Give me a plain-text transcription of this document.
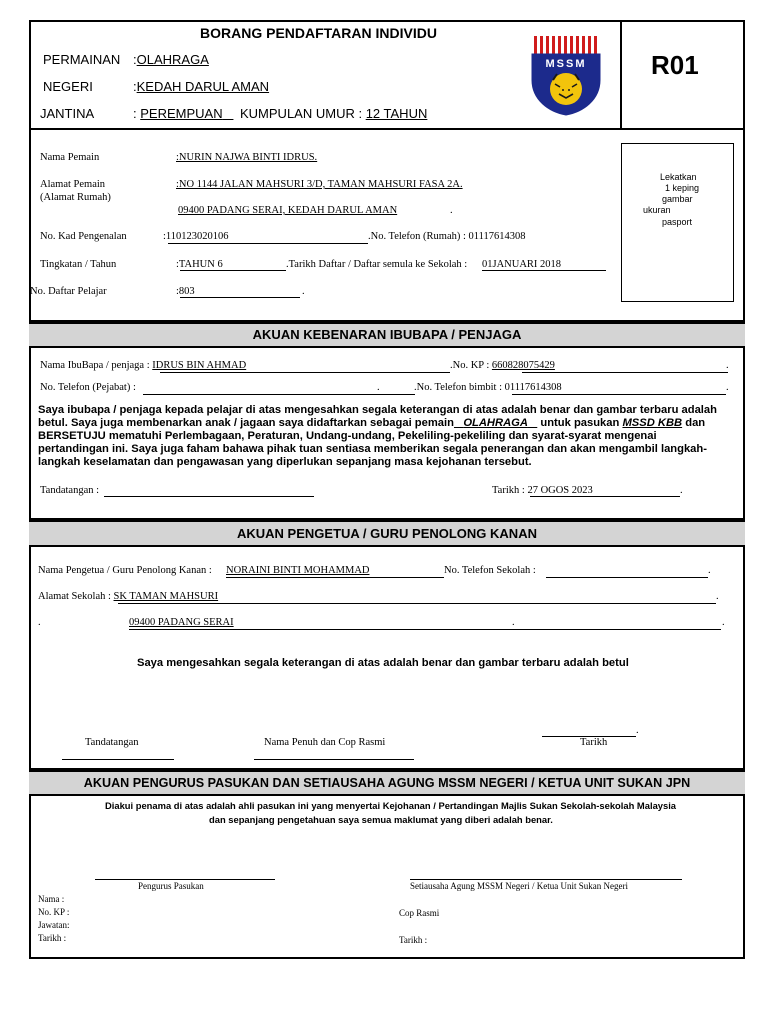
BORANG PENDAFTARAN INDIVIDU
PERMAINAN :OLAHRAGA
NEGERI	:KEDAH DARUL AMAN
JANTINA	: PEREMPUAN	KUMPULAN UMUR : 12 TAHUN
MSSM R01
Nama Pemain	:NURIN NAJWA BINTI IDRUS.
Alamat Pemain
(Alamat Rumah)
:NO 1144 JALAN MAHSURI 3/D, TAMAN MAHSURI FASA 2A.
09400 PADANG SERAI, KEDAH DARUL AMAN	.
No. Kad Pengenalan	:110123020106	.No. Telefon (Rumah) : 01117614308
Tingkatan / Tahun	:TAHUN 6	.Tarikh Daftar / Daftar semula ke Sekolah : 01JANUARI 2018
No. Daftar Pelajar	:803	.
Lekatkan
1 keping
gambar
ukuran
pasport
AKUAN KEBENARAN IBUBAPA / PENJAGA
Nama IbuBapa / penjaga : IDRUS BIN AHMAD	.No. KP : 660828075429	.
No. Telefon (Pejabat) :	.	.No. Telefon bimbit : 01117614308	.
Saya ibubapa / penjaga kepada pelajar di atas mengesahkan segala keterangan di atas adalah benar dan gambar terbaru adalah
betul. Saya juga membenarkan anak / jagaan saya didaftarkan sebagai pemain OLAHRAGA untuk pasukan MSSD KBB dan
BERSETUJU mematuhi Perlembagaan, Peraturan, Undang-undang, Pekeliling-pekeliling dan syarat-syarat mengenai
pertandingan ini. Saya juga faham bahawa pihak tuan sentiasa memberikan segala penerangan dan akan mengambil langkah-
langkah keselamatan dan pengawasan yang diperlukan sepanjang masa kejohanan tersebut.
Tandatangan :	Tarikh : 27 OGOS 2023	.
AKUAN PENGETUA / GURU PENOLONG KANAN
Nama Pengetua / Guru Penolong Kanan : NORAINI BINTI MOHAMMAD	No. Telefon Sekolah :	.
Alamat Sekolah : SK TAMAN MAHSURI	.
.	09400 PADANG SERAI	.	.
Saya mengesahkan segala keterangan di atas adalah benar dan gambar terbaru adalah betul
Tandatangan	Nama Penuh dan Cop Rasmi
.
Tarikh
AKUAN PENGURUS PASUKAN DAN SETIAUSAHA AGUNG MSSM NEGERI / KETUA UNIT SUKAN JPN
Diakui penama di atas adalah ahli pasukan ini yang menyertai Kejohanan / Pertandingan Majlis Sukan Sekolah-sekolah Malaysia
dan sepanjang pengetahuan saya semua maklumat yang diberi adalah benar.
Pengurus Pasukan	Setiausaha Agung MSSM Negeri / Ketua Unit Sukan Negeri
Nama :
No. KP :
Jawatan:
Tarikh :
Cop Rasmi
Tarikh :
